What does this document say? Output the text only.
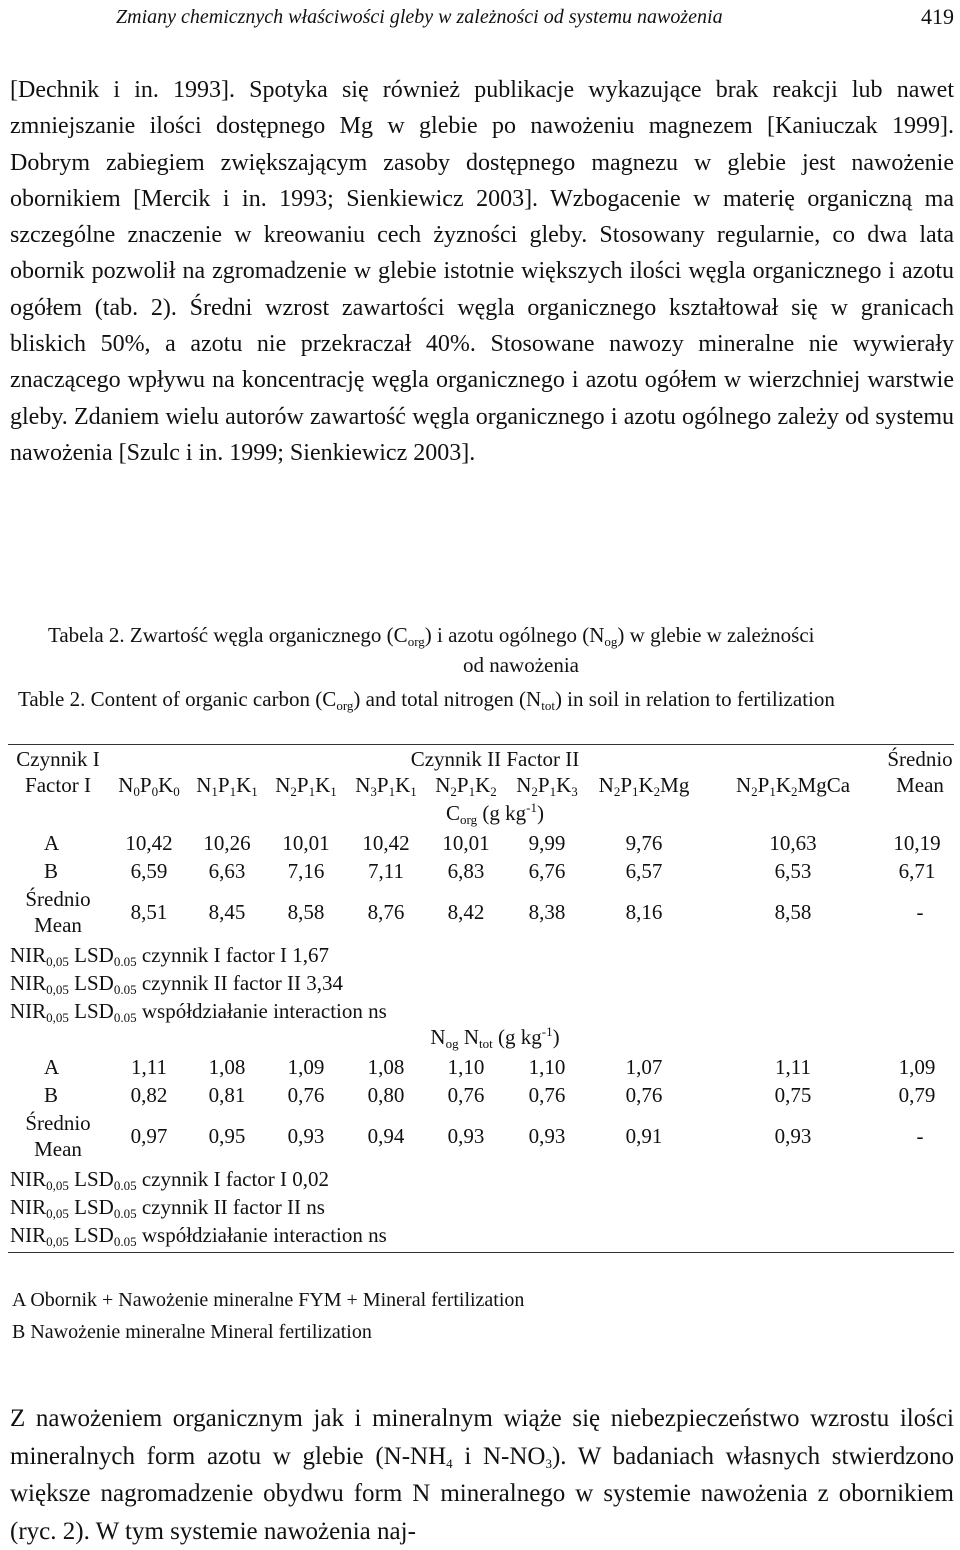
Zmiany chemicznych właściwości gleby w zależności od systemu nawożenia	419

[Dechnik i in. 1993]. Spotyka się również publikacje wykazujące brak reakcji lub nawet zmniejszanie ilości dostępnego Mg w glebie po nawożeniu magnezem [Kaniuczak 1999]. Dobrym zabiegiem zwiększającym zasoby dostępnego magnezu w glebie jest nawożenie obornikiem [Mercik i in. 1993; Sienkiewicz 2003]. Wzbogacenie w materię organiczną ma szczególne znaczenie w kreowaniu cech żyzności gleby. Stosowany regularnie, co dwa lata obornik pozwolił na zgromadzenie w glebie istotnie większych ilości węgla organicznego i azotu ogółem (tab. 2). Średni wzrost zawartości węgla organicznego kształtował się w granicach bliskich 50%, a azotu nie przekraczał 40%. Stosowane nawozy mineralne nie wywierały znaczącego wpływu na koncentrację węgla organicznego i azotu ogółem w wierzchniej warstwie gleby. Zdaniem wielu autorów zawartość węgla organicznego i azotu ogólnego zależy od systemu nawożenia [Szulc i in. 1999; Sienkiewicz 2003].

Tabela 2. Zwartość węgla organicznego $(C_{org})$ i azotu ogólnego $(N_{og})$ w glebie w zależności
od nawożenia
Table 2. Content of organic carbon $(C_{org})$ and total nitrogen $(N_{tot})$ in soil in relation to fertilization
Czynnik I
Factor I
Czynnik II Factor II	Średnio
Mean
$N_0P_0K_0$ $N_1P_1K_1$ $N_2P_1K_1$ $N_3P_1K_1$ $N_2P_1K_2$ $N_2P_1K_3$ $N_2P_1K_2Mg$	$N_2P_1K_2MgCa$
$C_{org}$ (g $kg^{-1}$)
A	10,42	10,26	10,01	10,42	10,01	9,99	9,76	10,63	10,19
B	6,59	6,63	7,16	7,11	6,83	6,76	6,57	6,53	6,71
Średnio
Mean
8,51	8,45	8,58	8,76	8,42	8,38	8,16	8,58	-
$NIR_{0,05}$ $LSD_{0.05}$ czynnik I factor I 1,67
$NIR_{0,05}$ $LSD_{0.05}$ czynnik II factor II 3,34
$NIR_{0,05}$ $LSD_{0.05}$ współdziałanie interaction ns
$N_{og}$ $N_{tot}$ (g $kg^{-1}$)
A	1,11	1,08	1,09	1,08	1,10	1,10	1,07	1,11	1,09
B	0,82	0,81	0,76	0,80	0,76	0,76	0,76	0,75	0,79
Średnio
Mean
0,97	0,95	0,93	0,94	0,93	0,93	0,91	0,93	-
$NIR_{0,05}$ $LSD_{0.05}$ czynnik I factor I 0,02
$NIR_{0,05}$ $LSD_{0.05}$ czynnik II factor II ns
$NIR_{0,05}$ $LSD_{0.05}$ współdziałanie interaction ns
A Obornik + Nawożenie mineralne FYM + Mineral fertilization
B Nawożenie mineralne Mineral fertilization

Z nawożeniem organicznym jak i mineralnym wiąże się niebezpieczeństwo wzrostu ilości mineralnych form azotu w glebie ($N-NH_4$ i $N-NO_3$). W badaniach własnych stwierdzono większe nagromadzenie obydwu form N mineralnego w systemie nawożenia z obornikiem (ryc. 2). W tym systemie nawożenia naj-
